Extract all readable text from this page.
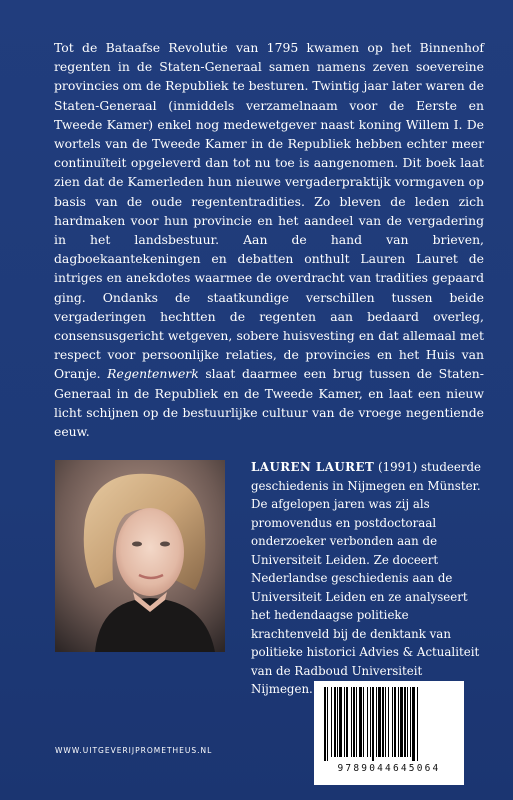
Tot de Bataafse Revolutie van 1795 kwamen op het Binnenhof regenten in de Staten-Generaal samen namens zeven soevereine provincies om de Republiek te besturen. Twintig jaar later waren de Staten-Generaal (inmiddels verzamelnaam voor de Eerste en Tweede Kamer) enkel nog medewetgever naast koning Willem I. De wortels van de Tweede Kamer in de Republiek hebben echter meer continuïteit opgeleverd dan tot nu toe is aangenomen. Dit boek laat zien dat de Kamerleden hun nieuwe vergaderpraktijk vormgaven op basis van de oude regententradities. Zo bleven de leden zich hardmaken voor hun provincie en het aandeel van de vergadering in het landsbestuur. Aan de hand van brieven, dagboekaantekeningen en debatten onthult Lauren Lauret de intriges en anekdotes waarmee de overdracht van tradities gepaard ging. Ondanks de staatkundige verschillen tussen beide vergaderingen hechtten de regenten aan bedaard overleg, consensusgericht wetgeven, sobere huisvesting en dat allemaal met respect voor persoonlijke relaties, de provincies en het Huis van Oranje. Regentenwerk slaat daarmee een brug tussen de Staten-Generaal in de Republiek en de Tweede Kamer, en laat een nieuw licht schijnen op de bestuurlijke cultuur van de vroege negentiende eeuw.

LAUREN LAURET (1991) studeerde geschiedenis in Nijmegen en Münster. De afgelopen jaren was zij als promovendus en postdoctoraal onderzoeker verbonden aan de Universiteit Leiden. Ze doceert Nederlandse geschiedenis aan de Universiteit Leiden en ze analyseert het hedendaagse politieke krachtenveld bij de denktank van politieke historici Advies & Actualiteit van de Radboud Universiteit Nijmegen.

WWW.UITGEVERIJPROMETHEUS.NL
9789044645064
